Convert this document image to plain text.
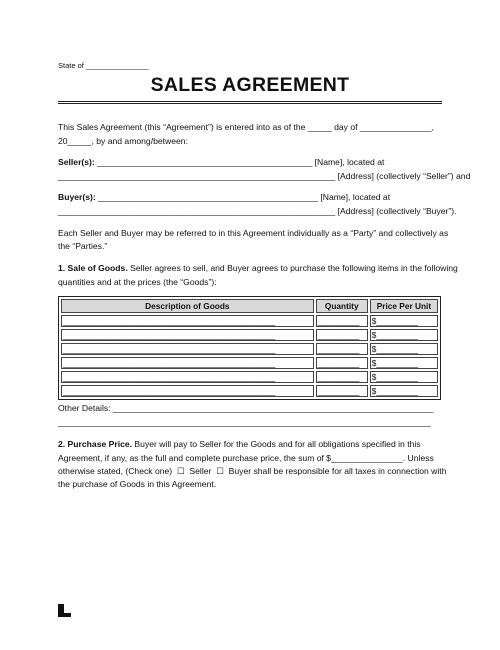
State of _______________
SALES AGREEMENT
This Sales Agreement (this “Agreement”) is entered into as of the _____ day of _______________,
20_____, by and among/between:
Seller(s): _____________________________________________ [Name], located at
__________________________________________________________ [Address] (collectively “Seller”) and
Buyer(s): ______________________________________________ [Name], located at
__________________________________________________________ [Address] (collectively “Buyer”).
Each Seller and Buyer may be referred to in this Agreement individually as a “Party” and collectively as
the “Parties.”
1. Sale of Goods. Seller agrees to sell, and Buyer agrees to purchase the following items in the following
quantities and at the prices (the “Goods”):
Description of Goods	Quantity	Price Per Unit
______________________________________________	_________	$_________
______________________________________________	_________	$_________
______________________________________________	_________	$_________
______________________________________________	_________	$_________
______________________________________________	_________	$_________
______________________________________________	_________	$_________
Other Details: ___________________________________________________________________
______________________________________________________________________________
2. Purchase Price. Buyer will pay to Seller for the Goods and for all obligations specified in this
Agreement, if any, as the full and complete purchase price, the sum of $_______________. Unless
otherwise stated, (Check one)  ☐  Seller  ☐  Buyer shall be responsible for all taxes in connection with
the purchase of Goods in this Agreement.
